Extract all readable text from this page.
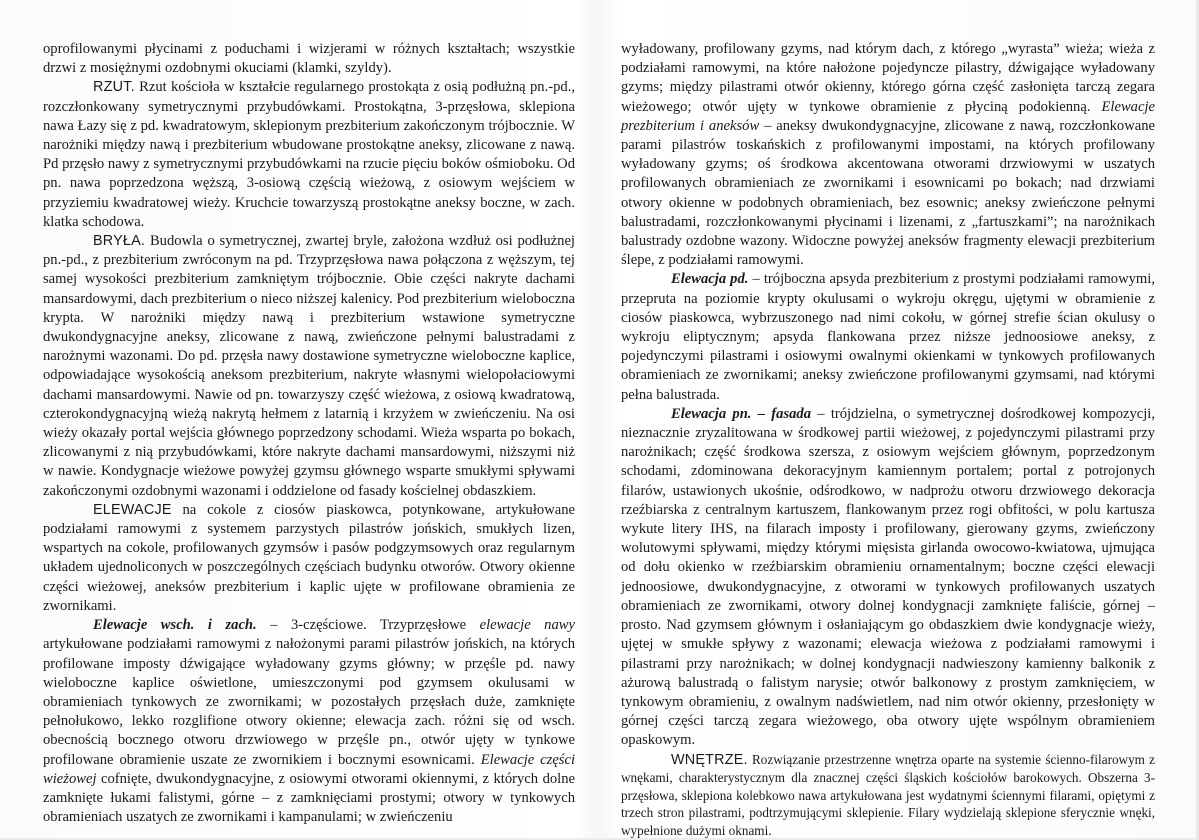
oprofilowanymi płycinami z poduchami i wizjerami w różnych kształtach; wszystkie drzwi z mosiężnymi ozdobnymi okuciami (klamki, szyldy).

RZUT. Rzut kościoła w kształcie regularnego prostokąta z osią podłużną pn.-pd., rozczłonkowany symetrycznymi przybudówkami. Prostokątna, 3-przęsłowa, sklepiona nawa Łazy się z pd. kwadratowym, sklepionym prezbiterium zakończonym trójbocznie. W narożniki między nawą i prezbiterium wbudowane prostokątne aneksy, zlicowane z nawą. Pd przęsło nawy z symetrycznymi przybudówkami na rzucie pięciu boków ośmioboku. Od pn. nawa poprzedzona węższą, 3-osiową częścią wieżową, z osiowym wejściem w przyziemiu kwadratowej wieży. Kruchcie towarzyszą prostokątne aneksy boczne, w zach. klatka schodowa.

BRYŁA. Budowla o symetrycznej, zwartej bryle, założona wzdłuż osi podłużnej pn.-pd., z prezbiterium zwróconym na pd. Trzyprzęsłowa nawa połączona z węższym, tej samej wysokości prezbiterium zamkniętym trójbocznie. Obie części nakryte dachami mansardowymi, dach prezbiterium o nieco niższej kalenicy. Pod prezbiterium wieloboczna krypta. W narożniki między nawą i prezbiterium wstawione symetryczne dwukondygnacyjne aneksy, zlicowane z nawą, zwieńczone pełnymi balustradami z narożnymi wazonami. Do pd. przęsła nawy dostawione symetryczne wieloboczne kaplice, odpowiadające wysokością aneksom prezbiterium, nakryte własnymi wielopołaciowymi dachami mansardowymi. Nawie od pn. towarzyszy część wieżowa, z osiową kwadratową, czterokondygnacyjną wieżą nakrytą hełmem z latarnią i krzyżem w zwieńczeniu. Na osi wieży okazały portal wejścia głównego poprzedzony schodami. Wieża wsparta po bokach, zlicowanymi z nią przybudówkami, które nakryte dachami mansardowymi, niższymi niż w nawie. Kondygnacje wieżowe powyżej gzymsu głównego wsparte smukłymi spływami zakończonymi ozdobnymi wazonami i oddzielone od fasady kościelnej obdaszkiem.

ELEWACJE na cokole z ciosów piaskowca, potynkowane, artykułowane podziałami ramowymi z systemem parzystych pilastrów jońskich, smukłych lizen, wspartych na cokole, profilowanych gzymsów i pasów podgzymsowych oraz regularnym układem ujednoliconych w poszczególnych częściach budynku otworów. Otwory okienne części wieżowej, aneksów prezbiterium i kaplic ujęte w profilowane obramienia ze zwornikami.

Elewacje wsch. i zach. – 3-częściowe. Trzyprzęsłowe elewacje nawy artykułowane podziałami ramowymi z nałożonymi parami pilastrów jońskich, na których profilowane imposty dźwigające wyładowany gzyms główny; w przęśle pd. nawy wieloboczne kaplice oświetlone, umieszczonymi pod gzymsem okulusami w obramieniach tynkowych ze zwornikami; w pozostałych przęsłach duże, zamknięte pełnołukowo, lekko rozglifione otwory okienne; elewacja zach. różni się od wsch. obecnością bocznego otworu drzwiowego w przęśle pn., otwór ujęty w tynkowe profilowane obramienie uszate ze zwornikiem i bocznymi esownicami. Elewacje części wieżowej cofnięte, dwukondygnacyjne, z osiowymi otworami okiennymi, z których dolne zamknięte łukami falistymi, górne – z zamknięciami prostymi; otwory w tynkowych obramieniach uszatych ze zwornikami i kampanulami; w zwieńczeniu

wyładowany, profilowany gzyms, nad którym dach, z którego „wyrasta” wieża; wieża z podziałami ramowymi, na które nałożone pojedyncze pilastry, dźwigające wyładowany gzyms; między pilastrami otwór okienny, którego górna część zasłonięta tarczą zegara wieżowego; otwór ujęty w tynkowe obramienie z płyciną podokienną. Elewacje prezbiterium i aneksów – aneksy dwukondygnacyjne, zlicowane z nawą, rozczłonkowane parami pilastrów toskańskich z profilowanymi impostami, na których profilowany wyładowany gzyms; oś środkowa akcentowana otworami drzwiowymi w uszatych profilowanych obramieniach ze zwornikami i esownicami po bokach; nad drzwiami otwory okienne w podobnych obramieniach, bez esownic; aneksy zwieńczone pełnymi balustradami, rozczłonkowanymi płycinami i lizenami, z „fartuszkami”; na narożnikach balustrady ozdobne wazony. Widoczne powyżej aneksów fragmenty elewacji prezbiterium ślepe, z podziałami ramowymi.

Elewacja pd. – trójboczna apsyda prezbiterium z prostymi podziałami ramowymi, przepruta na poziomie krypty okulusami o wykroju okręgu, ujętymi w obramienie z ciosów piaskowca, wybrzuszonego nad nimi cokołu, w górnej strefie ścian okulusy o wykroju eliptycznym; apsyda flankowana przez niższe jednoosiowe aneksy, z pojedynczymi pilastrami i osiowymi owalnymi okienkami w tynkowych profilowanych obramieniach ze zwornikami; aneksy zwieńczone profilowanymi gzymsami, nad którymi pełna balustrada.

Elewacja pn. – fasada – trójdzielna, o symetrycznej dośrodkowej kompozycji, nieznacznie zryzalitowana w środkowej partii wieżowej, z pojedynczymi pilastrami przy narożnikach; część środkowa szersza, z osiowym wejściem głównym, poprzedzonym schodami, zdominowana dekoracyjnym kamiennym portalem; portal z potrojonych filarów, ustawionych ukośnie, odśrodkowo, w nadprożu otworu drzwiowego dekoracja rzeźbiarska z centralnym kartuszem, flankowanym przez rogi obfitości, w polu kartusza wykute litery IHS, na filarach imposty i profilowany, gierowany gzyms, zwieńczony wolutowymi spływami, między którymi mięsista girlanda owocowo-kwiatowa, ujmująca od dołu okienko w rzeźbiarskim obramieniu ornamentalnym; boczne części elewacji jednoosiowe, dwukondygnacyjne, z otworami w tynkowych profilowanych uszatych obramieniach ze zwornikami, otwory dolnej kondygnacji zamknięte faliście, górnej – prosto. Nad gzymsem głównym i osłaniającym go obdaszkiem dwie kondygnacje wieży, ujętej w smukłe spływy z wazonami; elewacja wieżowa z podziałami ramowymi i pilastrami przy narożnikach; w dolnej kondygnacji nadwieszony kamienny balkonik z ażurową balustradą o falistym narysie; otwór balkonowy z prostym zamknięciem, w tynkowym obramieniu, z owalnym nadświetlem, nad nim otwór okienny, przesłonięty w górnej części tarczą zegara wieżowego, oba otwory ujęte wspólnym obramieniem opaskowym.

WNĘTRZE. Rozwiązanie przestrzenne wnętrza oparte na systemie ścienno-filarowym z wnękami, charakterystycznym dla znacznej części śląskich kościołów barokowych. Obszerna 3-przęsłowa, sklepiona kolebkowo nawa artykułowana jest wydatnymi ściennymi filarami, opiętymi z trzech stron pilastrami, podtrzymującymi sklepienie. Filary wydzielają sklepione sferycznie wnęki, wypełnione dużymi oknami.
